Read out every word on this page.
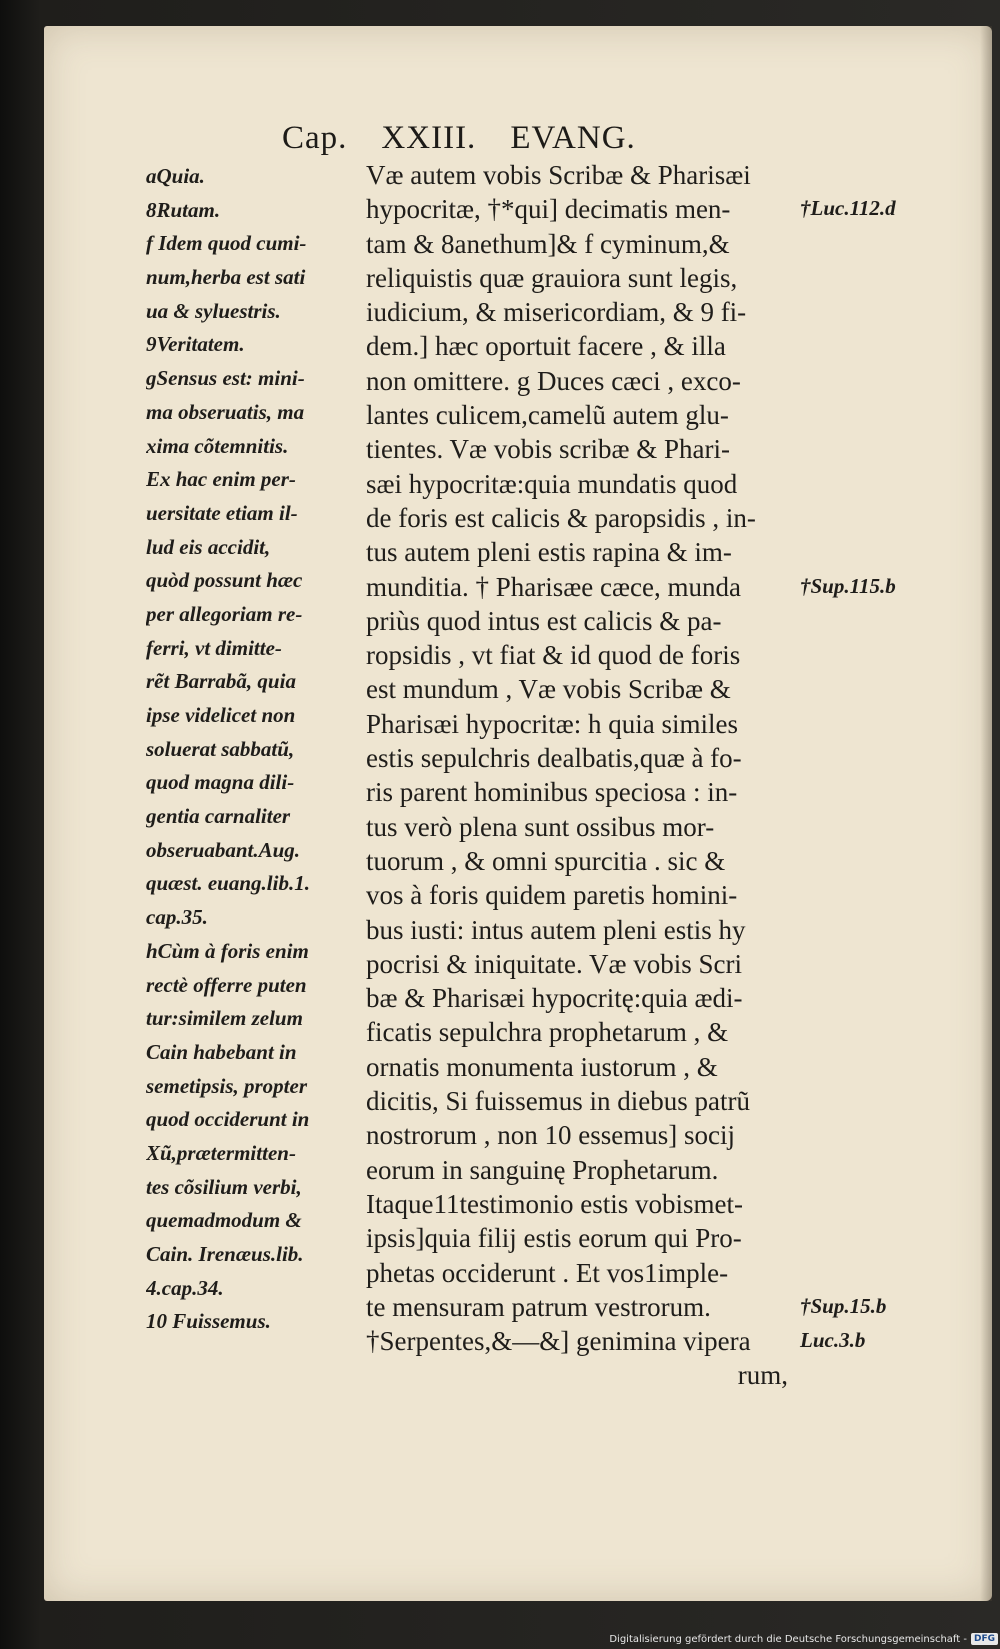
Cap. XXIII. EVANG.
aQuia.
8Rutam.
f Idem quod cumi-
num,herba est sati
ua & syluestris.
9Veritatem.
gSensus est: mini-
ma obseruatis, ma
xima cõtemnitis.
Ex hac enim per-
uersitate etiam il-
lud eis accidit,
quòd possunt hæc
per allegoriam re-
ferri, vt dimitte-
rẽt Barrabã, quia
ipse videlicet non
soluerat sabbatũ,
quod magna dili-
gentia carnaliter
obseruabant.Aug.
quæst. euang.lib.1.
cap.35.
hCùm à foris enim
rectè offerre puten
tur:similem zelum
Cain habebant in
semetipsis, propter
quod occiderunt in
Xũ,prætermitten-
tes cõsilium verbi,
quemadmodum &
Cain. Irenæus.lib.
4.cap.34.
10 Fuissemus.
Væ autem vobis Scribæ & Pharisæi
hypocritæ, †*qui] decimatis men-
tam & 8anethum]& f cyminum,&
reliquistis quæ grauiora sunt legis,
iudicium, & misericordiam, & 9 fi-
dem.] hæc oportuit facere , & illa
non omittere. g Duces cæci , exco-
lantes culicem,camelũ autem glu-
tientes. Væ vobis scribæ & Phari-
sæi hypocritæ:quia mundatis quod
de foris est calicis & paropsidis , in-
tus autem pleni estis rapina & im-
munditia. † Pharisæe cæce, munda
priùs quod intus est calicis & pa-
ropsidis , vt fiat & id quod de foris
est mundum , Væ vobis Scribæ &
Pharisæi hypocritæ: h quia similes
estis sepulchris dealbatis,quæ à fo-
ris parent hominibus speciosa : in-
tus verò plena sunt ossibus mor-
tuorum , & omni spurcitia . sic &
vos à foris quidem paretis homini-
bus iusti: intus autem pleni estis hy
pocrisi & iniquitate. Væ vobis Scri
bæ & Pharisæi hypocritę:quia ædi-
ficatis sepulchra prophetarum , &
ornatis monumenta iustorum , &
dicitis, Si fuissemus in diebus patrũ
nostrorum , non 10 essemus] socij
eorum in sanguinę Prophetarum.
Itaque11testimonio estis vobismet-
ipsis]quia filij estis eorum qui Pro-
phetas occiderunt . Et vos1imple-
te mensuram patrum vestrorum.
†Serpentes,&—&] genimina vipera
rum,
†Luc.112.d
†Sup.115.b
†Sup.15.b
Luc.3.b
Digitalisierung gefördert durch die Deutsche Forschungsgemeinschaft - DFG
